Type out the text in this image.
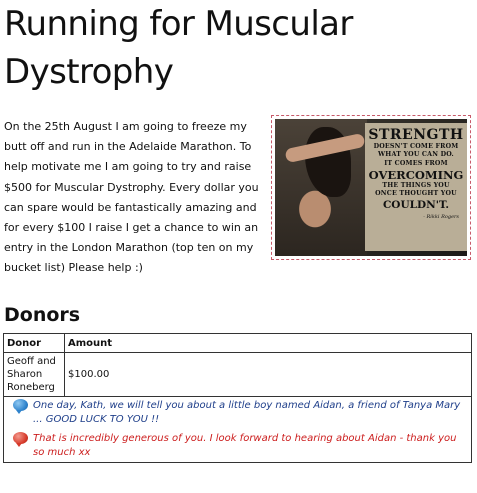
Running for Muscular Dystrophy

On the 25th August I am going to freeze my butt off and run in the Adelaide Marathon. To help motivate me I am going to try and raise $500 for Muscular Dystrophy. Every dollar you can spare would be fantastically amazing and for every $100 I raise I get a chance to win an entry in the London Marathon (top ten on my bucket list) Please help :)

STRENGTH
DOESN'T COME FROM
WHAT YOU CAN DO.
IT COMES FROM
OVERCOMING
THE THINGS YOU
ONCE THOUGHT YOU
COULDN'T.
- Rikki Rogers
Donors
Donor	Amount
Geoff and Sharon Roneberg	$100.00

One day, Kath, we will tell you about a little boy named Aidan, a friend of Tanya Mary ... GOOD LUCK TO YOU !!
That is incredibly generous of you. I look forward to hearing about Aidan - thank you so much xx	
